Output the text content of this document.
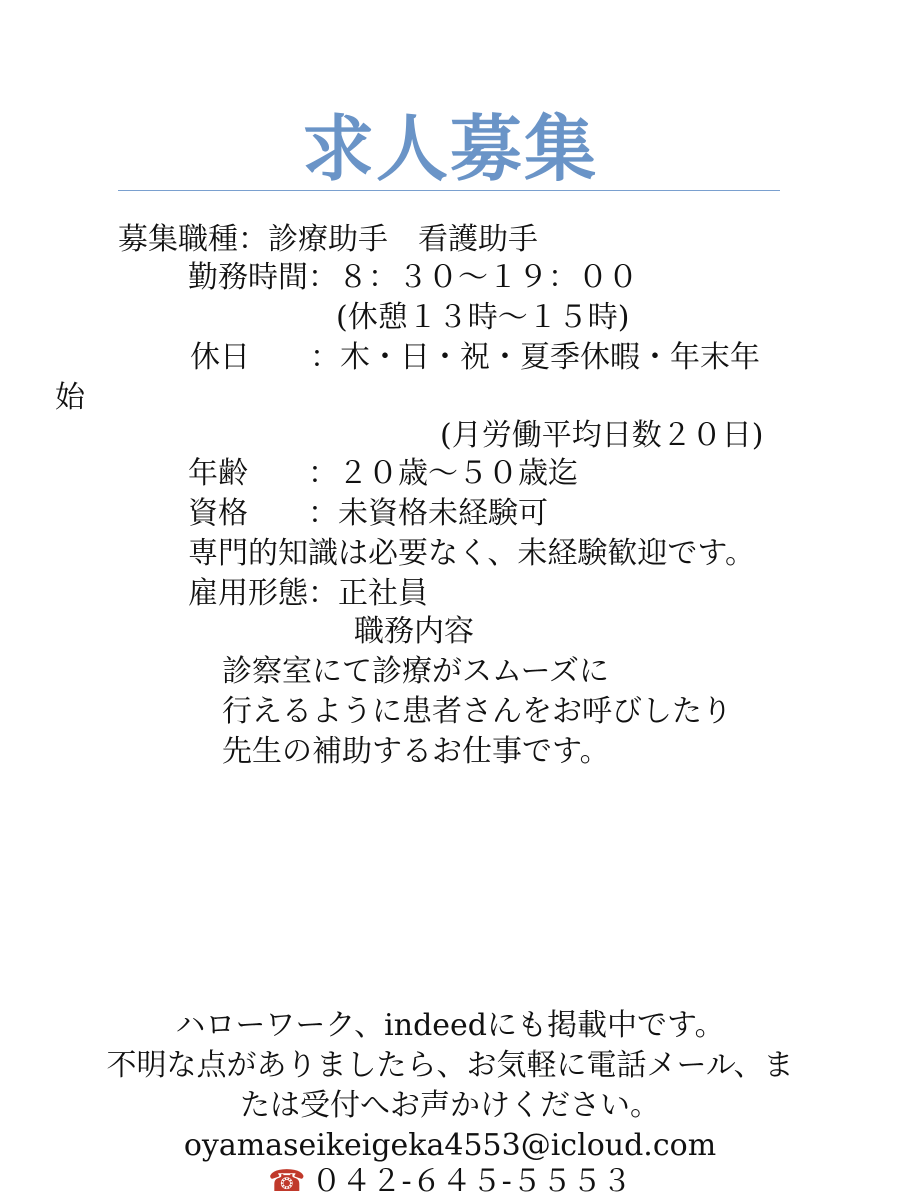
求人募集
募集職種：診療助手　看護助手
勤務時間：８：３０〜１９：００
(休憩１３時〜１５時)
休日　　：木・日・祝・夏季休暇・年末年
始
(月労働平均日数２０日)
年齢　　：２０歳〜５０歳迄
資格　　：未資格未経験可
専門的知識は必要なく、未経験歓迎です。
雇用形態：正社員
職務内容
診察室にて診療がスムーズに
行えるように患者さんをお呼びしたり
先生の補助するお仕事です。
ハローワーク、indeedにも掲載中です。
不明な点がありましたら、お気軽に電話メール、ま
たは受付へお声かけください。
oyamaseikeigeka4553@icloud.com
☎ ０４２-６４５-５５５３
